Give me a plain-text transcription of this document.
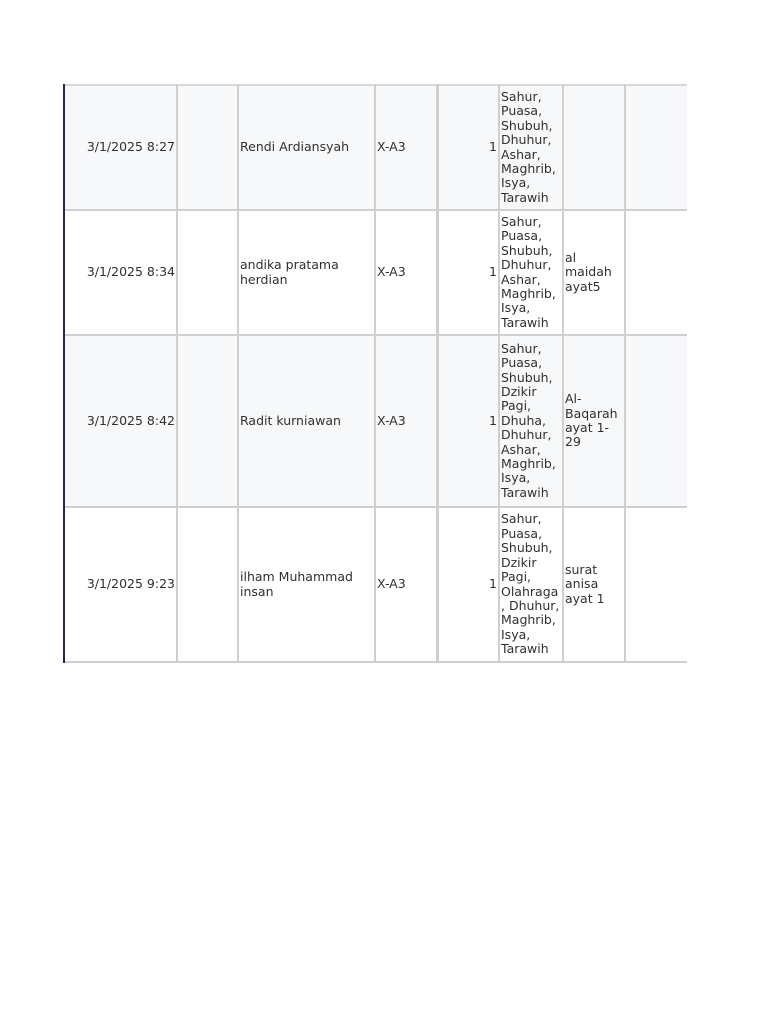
3/1/2025 8:27		Rendi Ardiansyah	X-A3	1	Sahur, Puasa, Shubuh, Dhuhur, Ashar, Maghrib, Isya, Tarawih		
3/1/2025 8:34		andika pratama herdian	X-A3	1	Sahur, Puasa, Shubuh, Dhuhur, Ashar, Maghrib, Isya, Tarawih	al maidah ayat5	
3/1/2025 8:42		Radit kurniawan	X-A3	1	Sahur, Puasa, Shubuh, Dzikir Pagi, Dhuha, Dhuhur, Ashar, Maghrib, Isya, Tarawih	Al-Baqarah ayat 1-29	
3/1/2025 9:23		ilham Muhammad insan	X-A3	1	Sahur, Puasa, Shubuh, Dzikir Pagi, Olahraga, Dhuhur, Maghrib, Isya, Tarawih	surat anisa ayat 1	
